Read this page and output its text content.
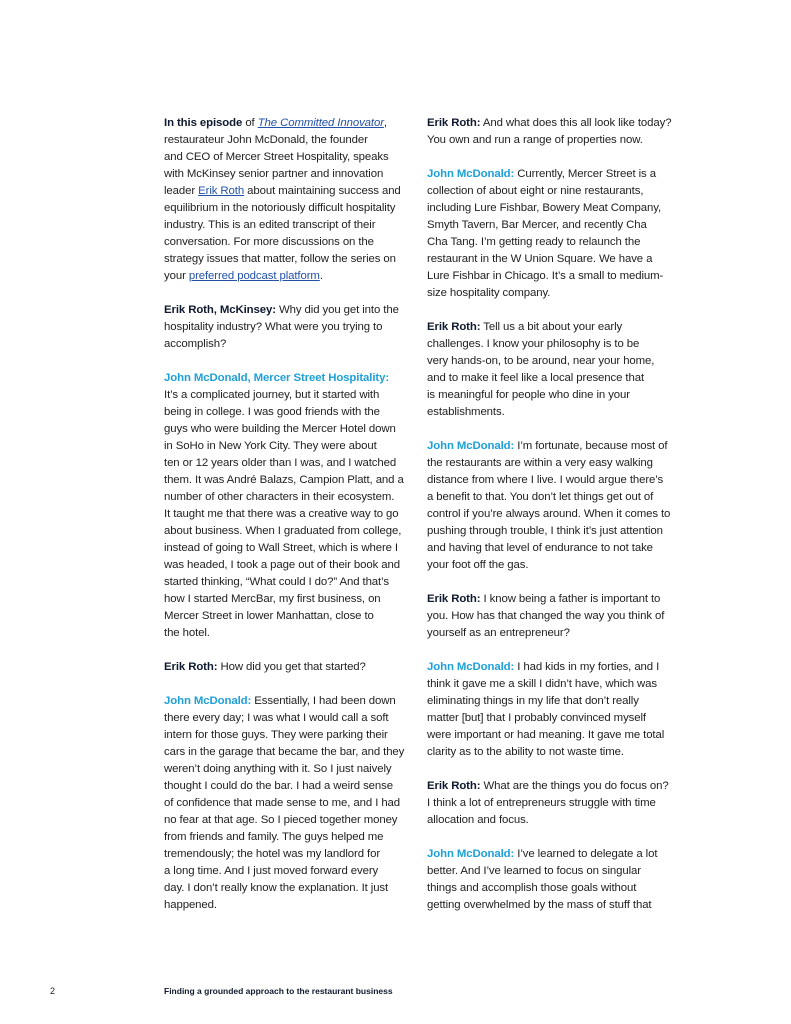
In this episode of The Committed Innovator,
restaurateur John McDonald, the founder
and CEO of Mercer Street Hospitality, speaks
with McKinsey senior partner and innovation
leader Erik Roth about maintaining success and
equilibrium in the notoriously difficult hospitality
industry. This is an edited transcript of their
conversation. For more discussions on the
strategy issues that matter, follow the series on
your preferred podcast platform.

Erik Roth, McKinsey: Why did you get into the
hospitality industry? What were you trying to
accomplish?

John McDonald, Mercer Street Hospitality:
It’s a complicated journey, but it started with
being in college. I was good friends with the
guys who were building the Mercer Hotel down
in SoHo in New York City. They were about
ten or 12 years older than I was, and I watched
them. It was André Balazs, Campion Platt, and a
number of other characters in their ecosystem.
It taught me that there was a creative way to go
about business. When I graduated from college,
instead of going to Wall Street, which is where I
was headed, I took a page out of their book and
started thinking, “What could I do?” And that’s
how I started MercBar, my first business, on
Mercer Street in lower Manhattan, close to
the hotel.

Erik Roth: How did you get that started?

John McDonald: Essentially, I had been down
there every day; I was what I would call a soft
intern for those guys. They were parking their
cars in the garage that became the bar, and they
weren’t doing anything with it. So I just naively
thought I could do the bar. I had a weird sense
of confidence that made sense to me, and I had
no fear at that age. So I pieced together money
from friends and family. The guys helped me
tremendously; the hotel was my landlord for
a long time. And I just moved forward every
day. I don’t really know the explanation. It just
happened.

Erik Roth: And what does this all look like today?
You own and run a range of properties now.

John McDonald: Currently, Mercer Street is a
collection of about eight or nine restaurants,
including Lure Fishbar, Bowery Meat Company,
Smyth Tavern, Bar Mercer, and recently Cha
Cha Tang. I’m getting ready to relaunch the
restaurant in the W Union Square. We have a
Lure Fishbar in Chicago. It’s a small to medium-
size hospitality company.

Erik Roth: Tell us a bit about your early
challenges. I know your philosophy is to be
very hands-on, to be around, near your home,
and to make it feel like a local presence that
is meaningful for people who dine in your
establishments.

John McDonald: I’m fortunate, because most of
the restaurants are within a very easy walking
distance from where I live. I would argue there’s
a benefit to that. You don’t let things get out of
control if you’re always around. When it comes to
pushing through trouble, I think it’s just attention
and having that level of endurance to not take
your foot off the gas.

Erik Roth: I know being a father is important to
you. How has that changed the way you think of
yourself as an entrepreneur?

John McDonald: I had kids in my forties, and I
think it gave me a skill I didn’t have, which was
eliminating things in my life that don’t really
matter [but] that I probably convinced myself
were important or had meaning. It gave me total
clarity as to the ability to not waste time.

Erik Roth: What are the things you do focus on?
I think a lot of entrepreneurs struggle with time
allocation and focus.

John McDonald: I’ve learned to delegate a lot
better. And I’ve learned to focus on singular
things and accomplish those goals without
getting overwhelmed by the mass of stuff that

2	Finding a grounded approach to the restaurant business
